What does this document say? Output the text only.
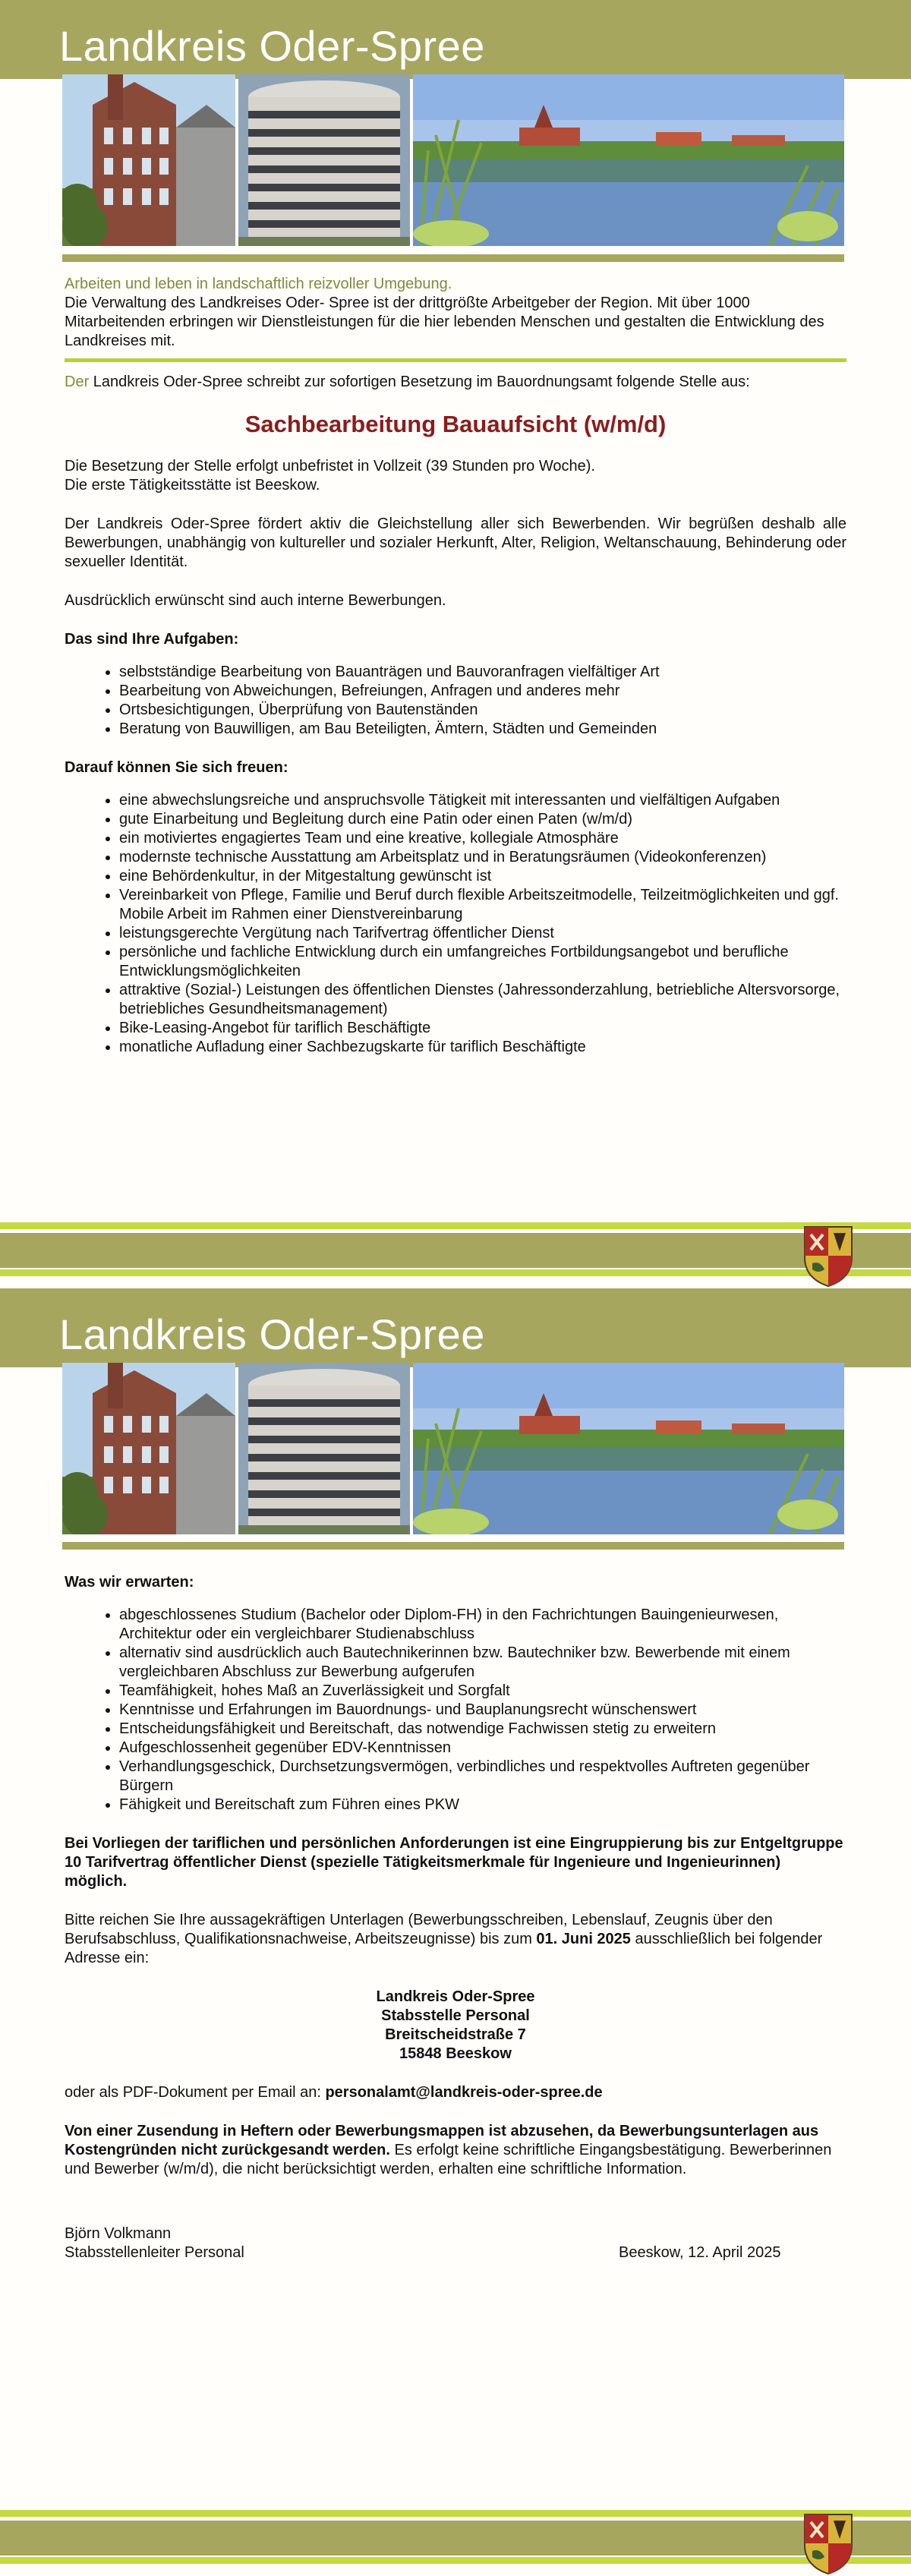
Landkreis Oder-Spree
Arbeiten und leben in landschaftlich reizvoller Umgebung.
Die Verwaltung des Landkreises Oder- Spree ist der drittgrößte Arbeitgeber der Region. Mit über 1000 Mitarbeitenden erbringen wir Dienstleistungen für die hier lebenden Menschen und gestalten die Entwicklung des Landkreises mit.
Der Landkreis Oder-Spree schreibt zur sofortigen Besetzung im Bauordnungsamt folgende Stelle aus:
Sachbearbeitung Bauaufsicht (w/m/d)

Die Besetzung der Stelle erfolgt unbefristet in Vollzeit (39 Stunden pro Woche).
Die erste Tätigkeitsstätte ist Beeskow.

Der Landkreis Oder-Spree fördert aktiv die Gleichstellung aller sich Bewerbenden. Wir begrüßen deshalb alle Bewerbungen, unabhängig von kultureller und sozialer Herkunft, Alter, Religion, Weltanschauung, Behinderung oder sexueller Identität.

Ausdrücklich erwünscht sind auch interne Bewerbungen.

Das sind Ihre Aufgaben:
• selbstständige Bearbeitung von Bauanträgen und Bauvoranfragen vielfältiger Art
• Bearbeitung von Abweichungen, Befreiungen, Anfragen und anderes mehr
• Ortsbesichtigungen, Überprüfung von Bautenständen
• Beratung von Bauwilligen, am Bau Beteiligten, Ämtern, Städten und Gemeinden
Darauf können Sie sich freuen:
• eine abwechslungsreiche und anspruchsvolle Tätigkeit mit interessanten und vielfältigen Aufgaben
• gute Einarbeitung und Begleitung durch eine Patin oder einen Paten (w/m/d)
• ein motiviertes engagiertes Team und eine kreative, kollegiale Atmosphäre
• modernste technische Ausstattung am Arbeitsplatz und in Beratungsräumen (Videokonferenzen)
• eine Behördenkultur, in der Mitgestaltung gewünscht ist
• Vereinbarkeit von Pflege, Familie und Beruf durch flexible Arbeitszeitmodelle, Teilzeitmöglichkeiten und ggf. Mobile Arbeit im Rahmen einer Dienstvereinbarung
• leistungsgerechte Vergütung nach Tarifvertrag öffentlicher Dienst
• persönliche und fachliche Entwicklung durch ein umfangreiches Fortbildungsangebot und berufliche Entwicklungsmöglichkeiten
• attraktive (Sozial-) Leistungen des öffentlichen Dienstes (Jahressonderzahlung, betriebliche Altersvorsorge, betriebliches Gesundheitsmanagement)
• Bike-Leasing-Angebot für tariflich Beschäftigte
• monatliche Aufladung einer Sachbezugskarte für tariflich Beschäftigte
Landkreis Oder-Spree
Was wir erwarten:
• abgeschlossenes Studium (Bachelor oder Diplom-FH) in den Fachrichtungen Bauingenieurwesen, Architektur oder ein vergleichbarer Studienabschluss
• alternativ sind ausdrücklich auch Bautechnikerinnen bzw. Bautechniker bzw. Bewerbende mit einem vergleichbaren Abschluss zur Bewerbung aufgerufen
• Teamfähigkeit, hohes Maß an Zuverlässigkeit und Sorgfalt
• Kenntnisse und Erfahrungen im Bauordnungs- und Bauplanungsrecht wünschenswert
• Entscheidungsfähigkeit und Bereitschaft, das notwendige Fachwissen stetig zu erweitern
• Aufgeschlossenheit gegenüber EDV-Kenntnissen
• Verhandlungsgeschick, Durchsetzungsvermögen, verbindliches und respektvolles Auftreten gegenüber Bürgern
• Fähigkeit und Bereitschaft zum Führen eines PKW

Bei Vorliegen der tariflichen und persönlichen Anforderungen ist eine Eingruppierung bis zur Entgeltgruppe 10 Tarifvertrag öffentlicher Dienst (spezielle Tätigkeitsmerkmale für Ingenieure und Ingenieurinnen) möglich.

Bitte reichen Sie Ihre aussagekräftigen Unterlagen (Bewerbungsschreiben, Lebenslauf, Zeugnis über den Berufsabschluss, Qualifikationsnachweise, Arbeitszeugnisse) bis zum 01. Juni 2025 ausschließlich bei folgender Adresse ein:

Landkreis Oder-Spree
Stabsstelle Personal
Breitscheidstraße 7
15848 Beeskow

oder als PDF-Dokument per Email an: personalamt@landkreis-oder-spree.de

Von einer Zusendung in Heftern oder Bewerbungsmappen ist abzusehen, da Bewerbungsunterlagen aus Kostengründen nicht zurückgesandt werden. Es erfolgt keine schriftliche Eingangsbestätigung. Bewerberinnen und Bewerber (w/m/d), die nicht berücksichtigt werden, erhalten eine schriftliche Information.

Björn Volkmann
Stabsstellenleiter Personal	Beeskow, 12. April 2025
